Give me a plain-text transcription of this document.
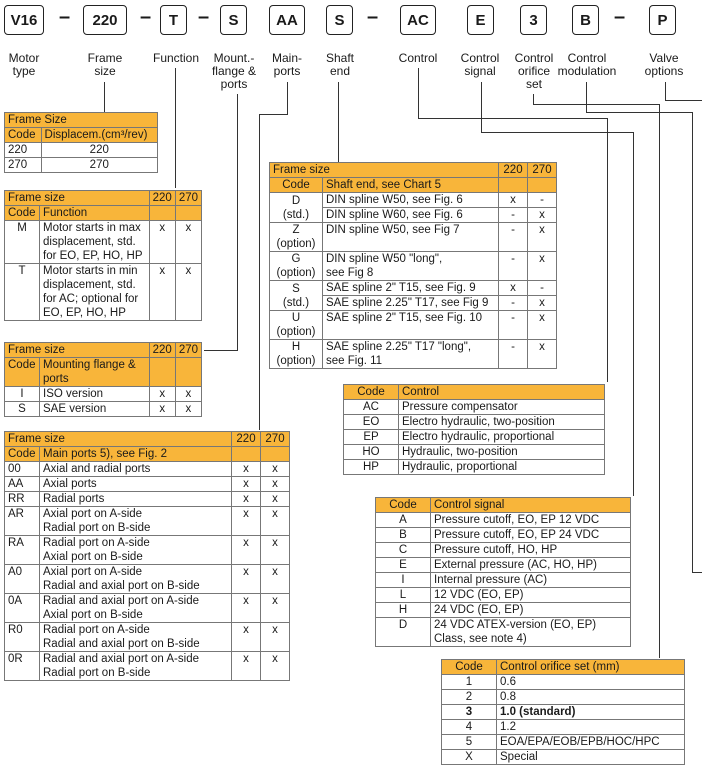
V16	–	220	–	T –	S	AA	S	–	AC	E	3	B	–	P
Motor
type
Frame
size
Function	Mount.-
flange &
ports
Main-
ports
Shaft
end
Control	Control
signal
Control
orifice
set
Control
modulation
Valve
options
Frame Size	
Code	Displacem.(cm³/rev)
220	220
270	270
Frame size		220	270
Code	Function		
M	Motor starts in max displacement, std. for EO, EP, HO, HP	x	x
T	Motor starts in min displacement, std. for AC; optional for EO, EP, HO, HP	x	x
Frame size		220	270
Code	Mounting flange & ports		
I	ISO version	x	x
S	SAE version	x	x
Frame size		220	270
Code	Main ports 5), see Fig. 2		
00	Axial and radial ports	x	x
AA	Axial ports	x	x
RR	Radial ports	x	x
AR	Axial port on A-side
Radial port on B-side	x	x
RA	Radial port on A-side
Axial port on B-side	x	x
A0	Axial port on A-side
Radial and axial port on B-side	x	x
0A	Radial and axial port on A-side
Axial port on B-side	x	x
R0	Radial port on A-side
Radial and axial port on B-side	x	x
0R	Radial and axial port on A-side
Radial port on B-side	x	x
Frame size		220	270
Code	Shaft end, see Chart 5		
D
(std.)	DIN spline W50, see Fig. 6	x	-
	DIN spline W60, see Fig. 6	-	x
Z
(option)	DIN spline W50, see Fig 7	-	x
G
(option)	DIN spline W50 "long",
see Fig 8	-	x
S
(std.)	SAE spline 2" T15, see Fig. 9	x	-
	SAE spline 2.25" T17, see Fig 9	-	x
U
(option)	SAE spline 2" T15, see Fig. 10	-	x
H
(option)	SAE spline 2.25" T17 "long",
see Fig. 11	-	x
Code	Control
AC	Pressure compensator
EO	Electro hydraulic, two-position
EP	Electro hydraulic, proportional
HO	Hydraulic, two-position
HP	Hydraulic, proportional
Code	Control signal
A	Pressure cutoff, EO, EP 12 VDC
B	Pressure cutoff, EO, EP 24 VDC
C	Pressure cutoff, HO, HP
E	External pressure (AC, HO, HP)
I	Internal pressure (AC)
L	12 VDC (EO, EP)
H	24 VDC (EO, EP)
D	24 VDC ATEX-version (EO, EP)
Class, see note 4)
Code	Control orifice set (mm)
1	0.6
2	0.8
3	1.0 (standard)
4	1.2
5	EOA/EPA/EOB/EPB/HOC/HPC
X	Special
